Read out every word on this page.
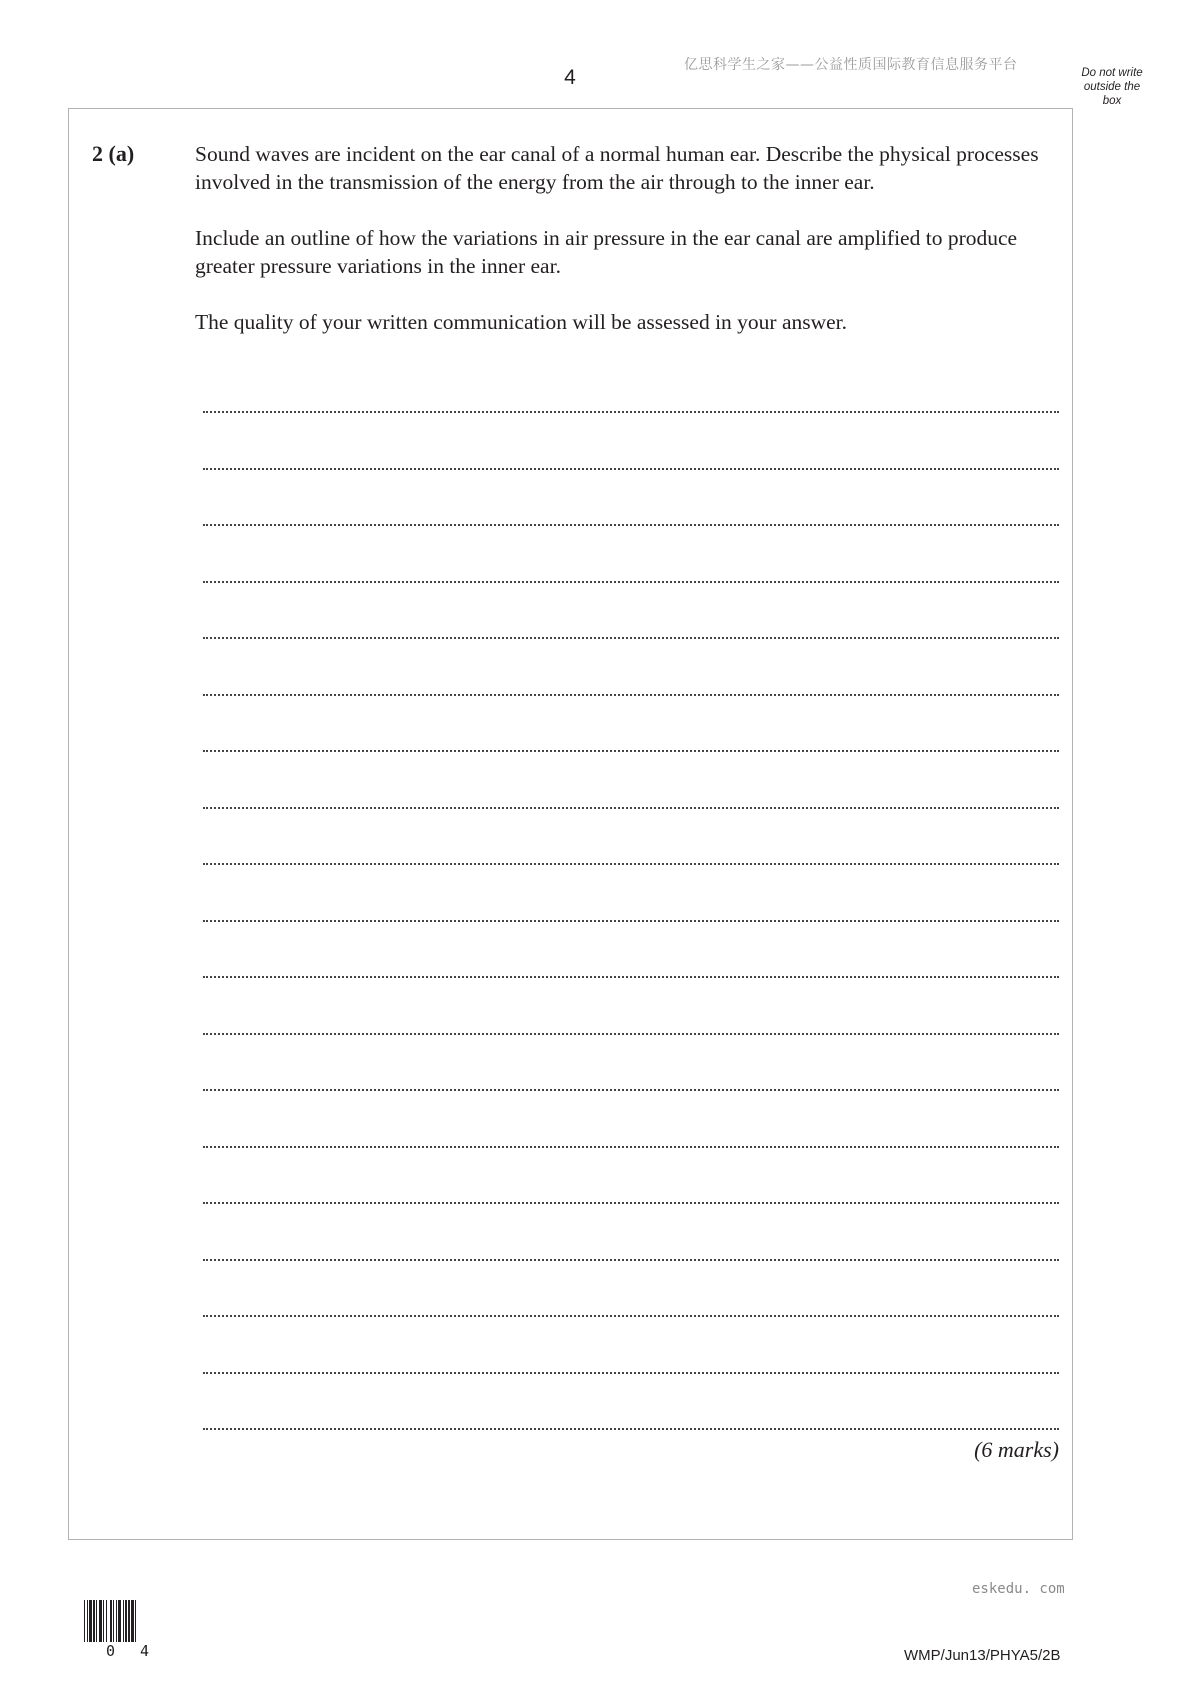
4
亿思科学生之家——公益性质国际教育信息服务平台	Do not write
outside the
box
2 (a)	Sound waves are incident on the ear canal of a normal human ear. Describe the physical processes involved in the transmission of the energy from the air through to the inner ear.

Include an outline of how the variations in air pressure in the ear canal are amplified to produce greater pressure variations in the inner ear.

The quality of your written communication will be assessed in your answer.

(6 marks)
eskedu. com
0 4	WMP/Jun13/PHYA5/2B
